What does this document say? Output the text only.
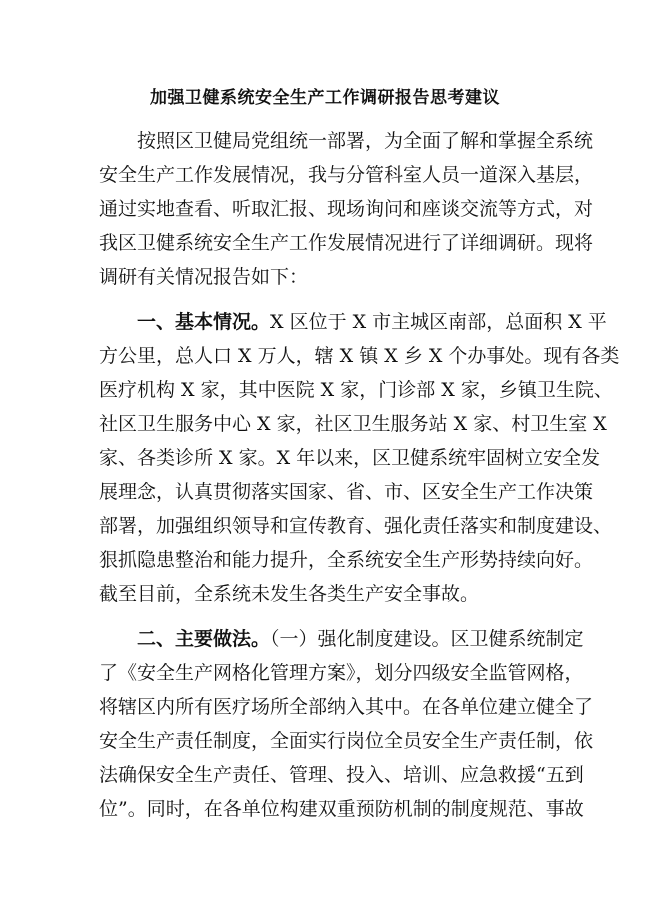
加强卫健系统安全生产工作调研报告思考建议
按照区卫健局党组统一部署，为全面了解和掌握全系统
安全生产工作发展情况，我与分管科室人员一道深入基层，
通过实地查看、听取汇报、现场询问和座谈交流等方式，对
我区卫健系统安全生产工作发展情况进行了详细调研。现将
调研有关情况报告如下：
一、基本情况。X 区位于 X 市主城区南部，总面积 X 平
方公里，总人口 X 万人，辖 X 镇 X 乡 X 个办事处。现有各类
医疗机构 X 家，其中医院 X 家，门诊部 X 家，乡镇卫生院、
社区卫生服务中心 X 家，社区卫生服务站 X 家、村卫生室 X
家、各类诊所 X 家。X 年以来，区卫健系统牢固树立安全发
展理念，认真贯彻落实国家、省、市、区安全生产工作决策
部署，加强组织领导和宣传教育、强化责任落实和制度建设、
狠抓隐患整治和能力提升，全系统安全生产形势持续向好。
截至目前，全系统未发生各类生产安全事故。
二、主要做法。（一）强化制度建设。区卫健系统制定
了《安全生产网格化管理方案》，划分四级安全监管网格，
将辖区内所有医疗场所全部纳入其中。在各单位建立健全了
安全生产责任制度，全面实行岗位全员安全生产责任制，依
法确保安全生产责任、管理、投入、培训、应急救援“五到
位”。同时，在各单位构建双重预防机制的制度规范、事故
